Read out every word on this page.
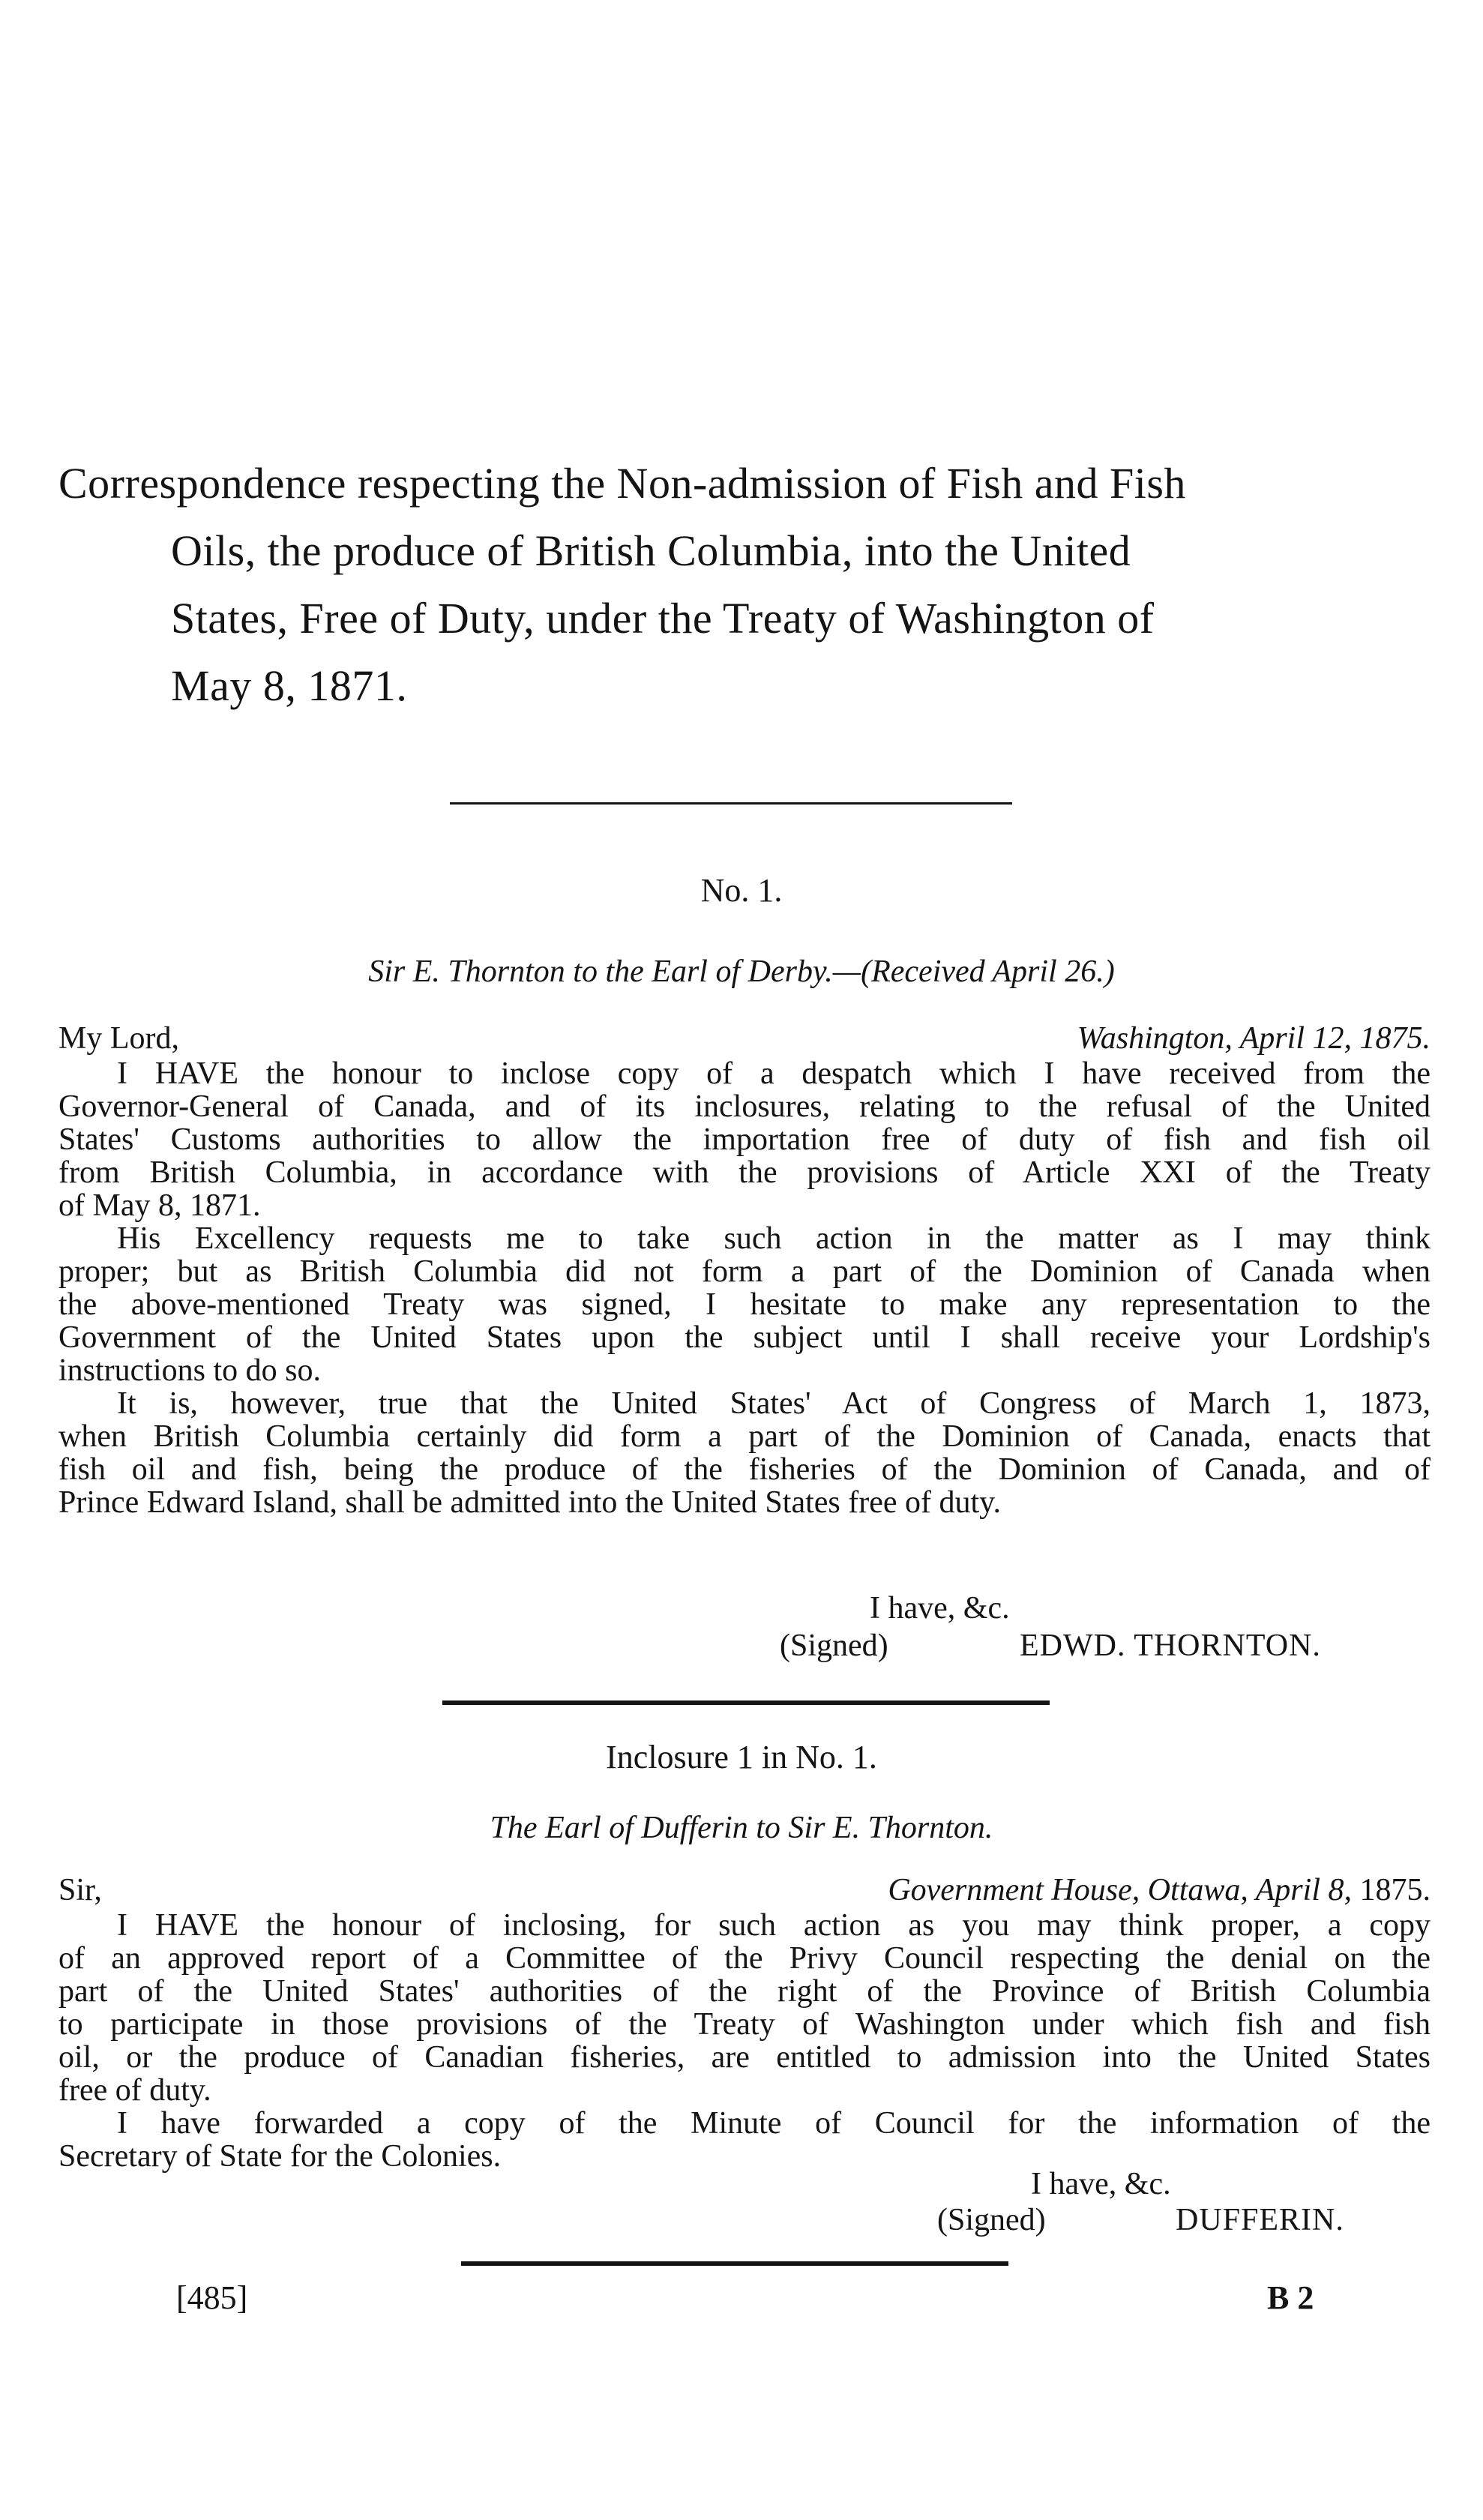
Correspondence respecting the Non-admission of Fish and Fish
Oils, the produce of British Columbia, into the United
States, Free of Duty, under the Treaty of Washington of
May 8, 1871.
No. 1.
Sir E. Thornton to the Earl of Derby.—(Received April 26.)
My Lord,	Washington, April 12, 1875.
I HAVE the honour to inclose copy of a despatch which I have received from the
Governor-General of Canada, and of its inclosures, relating to the refusal of the United
States' Customs authorities to allow the importation free of duty of fish and fish oil
from British Columbia, in accordance with the provisions of Article XXI of the Treaty
of May 8, 1871.
His Excellency requests me to take such action in the matter as I may think
proper; but as British Columbia did not form a part of the Dominion of Canada when
the above-mentioned Treaty was signed, I hesitate to make any representation to the
Government of the United States upon the subject until I shall receive your Lordship's
instructions to do so.
It is, however, true that the United States' Act of Congress of March 1, 1873,
when British Columbia certainly did form a part of the Dominion of Canada, enacts that
fish oil and fish, being the produce of the fisheries of the Dominion of Canada, and of
Prince Edward Island, shall be admitted into the United States free of duty.
I have, &c.
(Signed)	EDWD. THORNTON.
Inclosure 1 in No. 1.
The Earl of Dufferin to Sir E. Thornton.
Sir,	Government House, Ottawa, April 8, 1875.
I HAVE the honour of inclosing, for such action as you may think proper, a copy
of an approved report of a Committee of the Privy Council respecting the denial on the
part of the United States' authorities of the right of the Province of British Columbia
to participate in those provisions of the Treaty of Washington under which fish and fish
oil, or the produce of Canadian fisheries, are entitled to admission into the United States
free of duty.
I have forwarded a copy of the Minute of Council for the information of the
Secretary of State for the Colonies.
I have, &c.
(Signed)	DUFFERIN.
[485]	B 2
